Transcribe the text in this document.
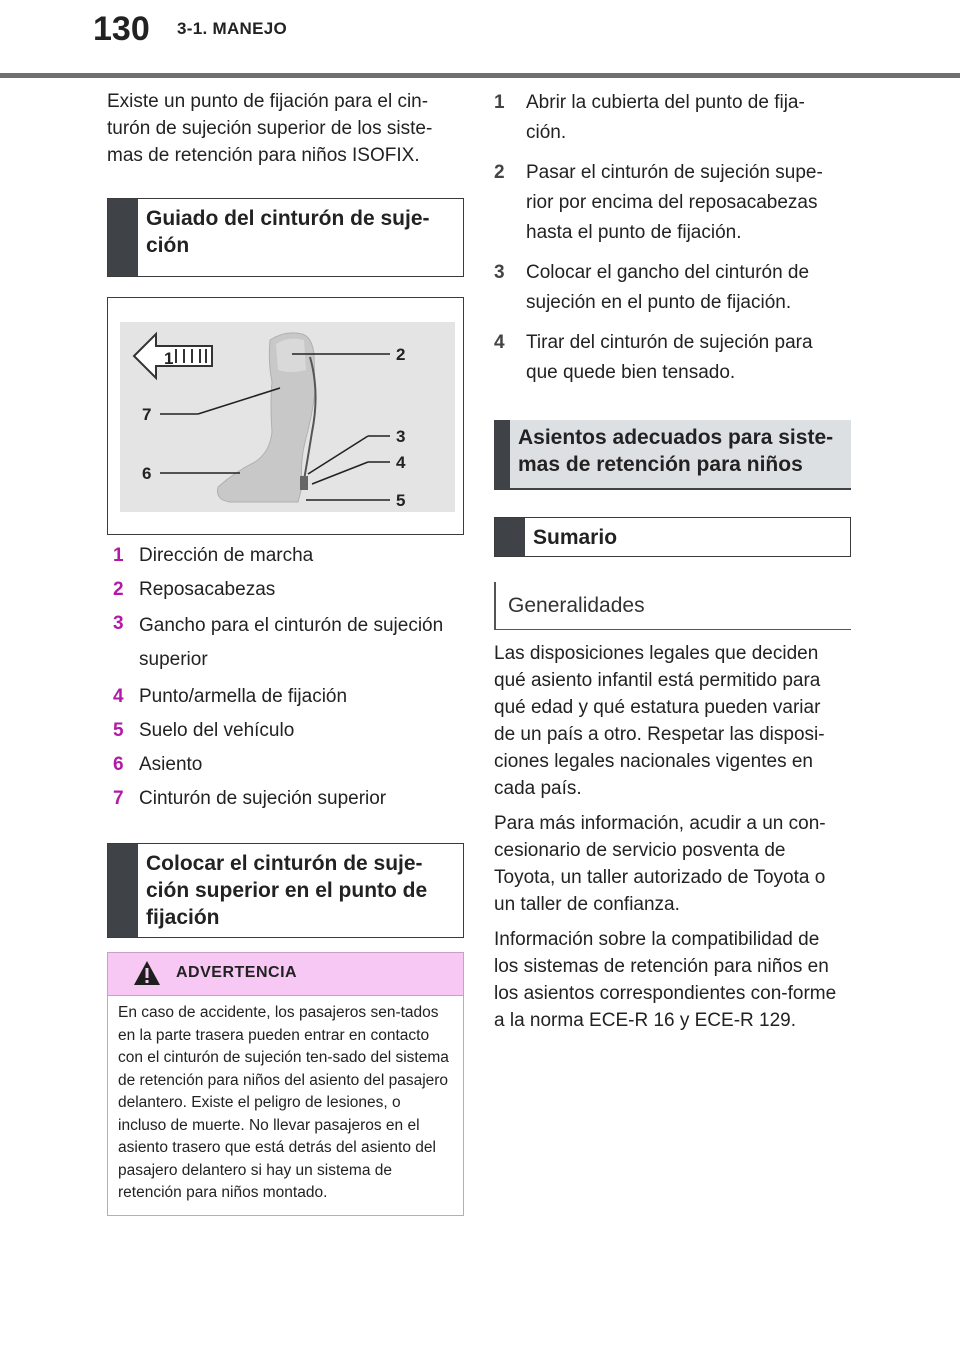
130 3-1. MANEJO

Existe un punto de fijación para el cin-turón de sujeción superior de los siste-mas de retención para niños ISOFIX.

Guiado del cinturón de suje-ción
1	2
3
4
5
6
7
1 Dirección de marcha
2 Reposacabezas
3 Gancho para el cinturón de sujeción superior
4 Punto/armella de fijación
5 Suelo del vehículo
6 Asiento
7 Cinturón de sujeción superior
Colocar el cinturón de suje-ción superior en el punto de fijación
ADVERTENCIA
En caso de accidente, los pasajeros sen-tados en la parte trasera pueden entrar en contacto con el cinturón de sujeción ten-sado del sistema de retención para niños del asiento del pasajero delantero. Existe el peligro de lesiones, o incluso de muerte. No llevar pasajeros en el asiento trasero que está detrás del asiento del pasajero delantero si hay un sistema de retención para niños montado.
1	Abrir la cubierta del punto de fija-ción.
2	Pasar el cinturón de sujeción supe-rior por encima del reposacabezas hasta el punto de fijación.
3	Colocar el gancho del cinturón de sujeción en el punto de fijación.
4	Tirar del cinturón de sujeción para que quede bien tensado.
Asientos adecuados para siste-mas de retención para niños
Sumario
Generalidades

Las disposiciones legales que deciden qué asiento infantil está permitido para qué edad y qué estatura pueden variar de un país a otro. Respetar las disposi-ciones legales nacionales vigentes en cada país.

Para más información, acudir a un con-cesionario de servicio posventa de Toyota, un taller autorizado de Toyota o un taller de confianza.

Información sobre la compatibilidad de los sistemas de retención para niños en los asientos correspondientes con-forme a la norma ECE-R 16 y ECE-R 129.
